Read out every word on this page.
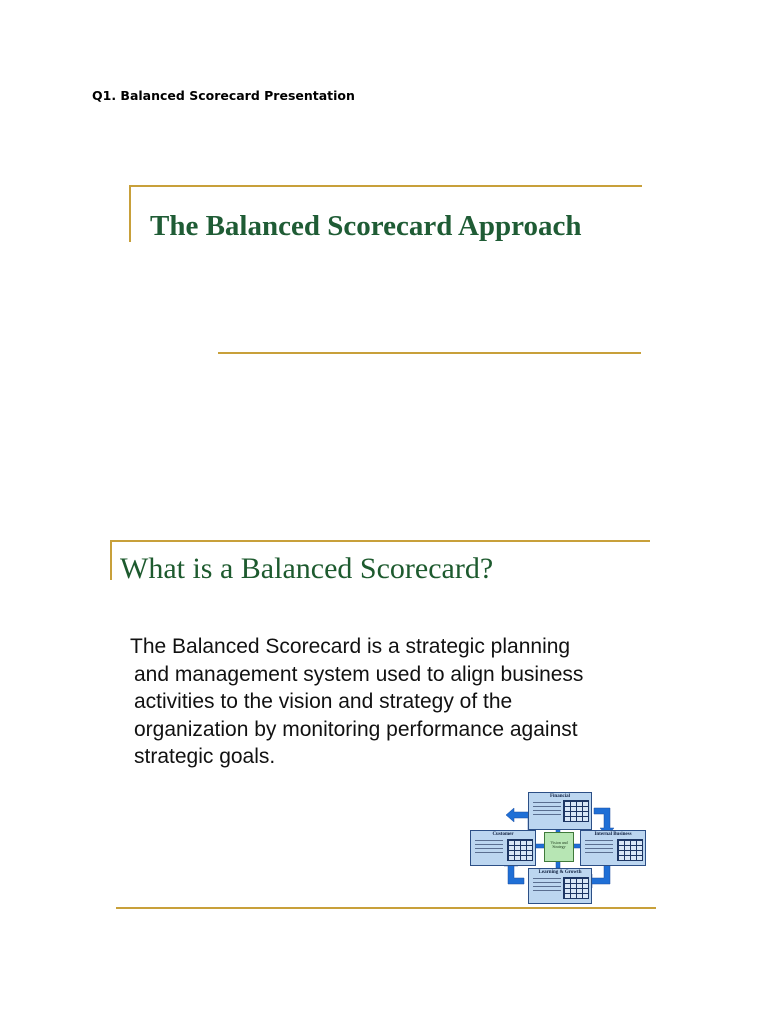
Q1. Balanced Scorecard Presentation
The Balanced Scorecard Approach
What is a Balanced Scorecard?
The Balanced Scorecard is a strategic planning
and management system used to align business
activities to the vision and strategy of the
organization by monitoring performance against
strategic goals.
Financial
Customer
Vision and Strategy
Internal Business
Learning & Growth
